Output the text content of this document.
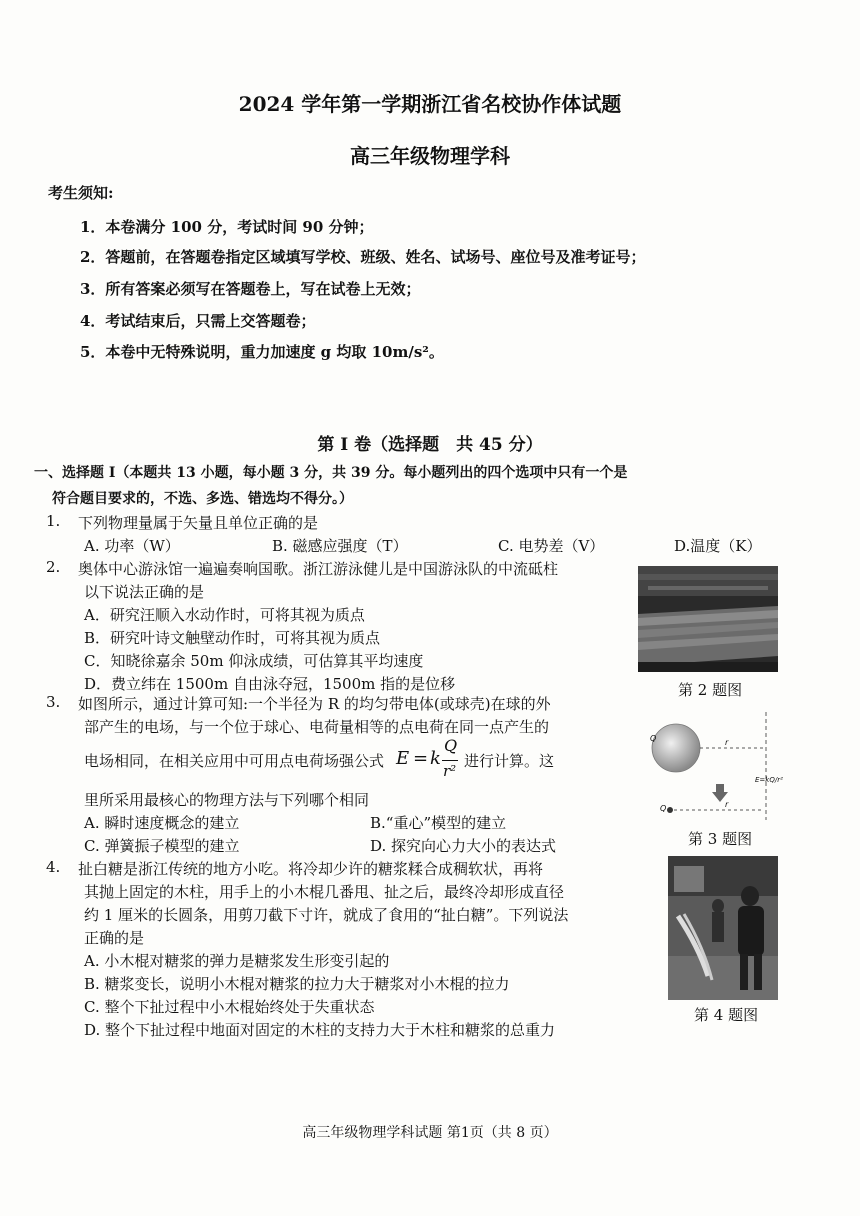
2024 学年第一学期浙江省名校协作体试题
高三年级物理学科
考生须知:
1．本卷满分 100 分，考试时间 90 分钟；
2．答题前，在答题卷指定区域填写学校、班级、姓名、试场号、座位号及准考证号；
3．所有答案必须写在答题卷上，写在试卷上无效；
4．考试结束后，只需上交答题卷；
5．本卷中无特殊说明，重力加速度 g 均取 10m/s²。
第 I 卷（选择题　共 45 分）
一、选择题 I（本题共 13 小题，每小题 3 分，共 39 分。每小题列出的四个选项中只有一个是
符合题目要求的，不选、多选、错选均不得分。）
1. 下列物理量属于矢量且单位正确的是
A. 功率（W）	B. 磁感应强度（T）	C. 电势差（V）	D.温度（K）
2. 奥体中心游泳馆一遍遍奏响国歌。浙江游泳健儿是中国游泳队的中流砥柱
以下说法正确的是
A．研究汪顺入水动作时，可将其视为质点
B．研究叶诗文触壁动作时，可将其视为质点
C．知晓徐嘉余 50m 仰泳成绩，可估算其平均速度
D．费立纬在 1500m 自由泳夺冠，1500m 指的是位移	第 2 题图
3. 如图所示，通过计算可知:一个半径为 R 的均匀带电体(或球壳)在球的外
部产生的电场，与一个位于球心、电荷量相等的点电荷在同一点产生的
电场相同，在相关应用中可用点电荷场强公式 E = k
Q
r²
进行计算。这
里所采用最核心的物理方法与下列哪个相同
A. 瞬时速度概念的建立	B.“重心”模型的建立
C. 弹簧振子模型的建立	D. 探究向心力大小的表达式
Q	r
E=kQ/r²
Q	r
第 3 题图
4. 扯白糖是浙江传统的地方小吃。将冷却少许的糖浆糅合成稠软状，再将
其抛上固定的木柱，用手上的小木棍几番甩、扯之后，最终冷却形成直径
约 1 厘米的长圆条，用剪刀截下寸许，就成了食用的“扯白糖”。下列说法
正确的是
A. 小木棍对糖浆的弹力是糖浆发生形变引起的
B. 糖浆变长，说明小木棍对糖浆的拉力大于糖浆对小木棍的拉力
C. 整个下扯过程中小木棍始终处于失重状态
D. 整个下扯过程中地面对固定的木柱的支持力大于木柱和糖浆的总重力
第 4 题图
高三年级物理学科试题 第1页（共 8 页）
